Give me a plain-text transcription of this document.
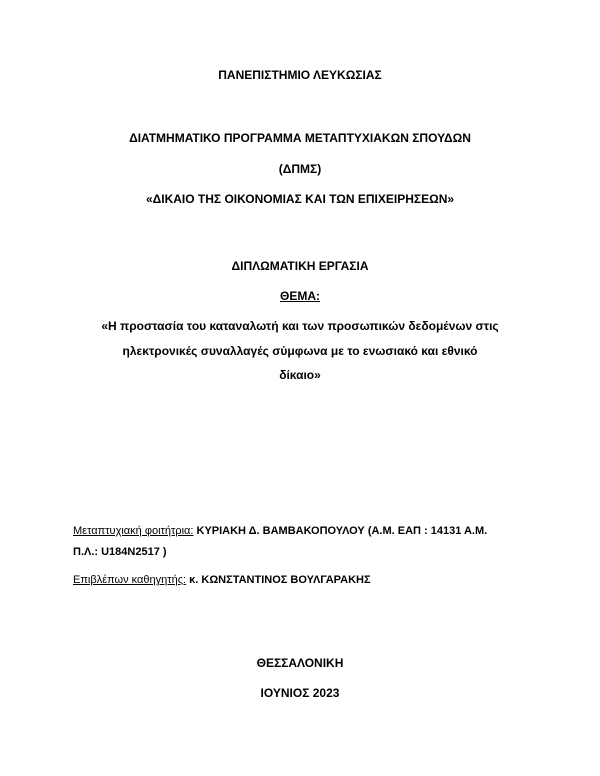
ΠΑΝΕΠΙΣΤΗΜΙΟ ΛΕΥΚΩΣΙΑΣ
ΔΙΑΤΜΗΜΑΤΙΚΟ ΠΡΟΓΡΑΜΜΑ ΜΕΤΑΠΤΥΧΙΑΚΩΝ ΣΠΟΥΔΩΝ
(ΔΠΜΣ)
«ΔΙΚΑΙΟ ΤΗΣ ΟΙΚΟΝΟΜΙΑΣ ΚΑΙ ΤΩΝ ΕΠΙΧΕΙΡΗΣΕΩΝ»
ΔΙΠΛΩΜΑΤΙΚΗ ΕΡΓΑΣΙΑ
ΘΕΜΑ:
«Η προστασία του καταναλωτή και των προσωπικών δεδομένων στις
ηλεκτρονικές συναλλαγές σύμφωνα με το ενωσιακό και εθνικό
δίκαιο»
Μεταπτυχιακή φοιτήτρια: ΚΥΡΙΑΚΗ Δ. ΒΑΜΒΑΚΟΠΟΥΛΟΥ (Α.Μ. ΕΑΠ : 14131 Α.Μ.
Π.Λ.: U184N2517 )
Επιβλέπων καθηγητής: κ. ΚΩΝΣΤΑΝΤΙΝΟΣ ΒΟΥΛΓΑΡΑΚΗΣ
ΘΕΣΣΑΛΟΝΙΚΗ
ΙΟΥΝΙΟΣ 2023
